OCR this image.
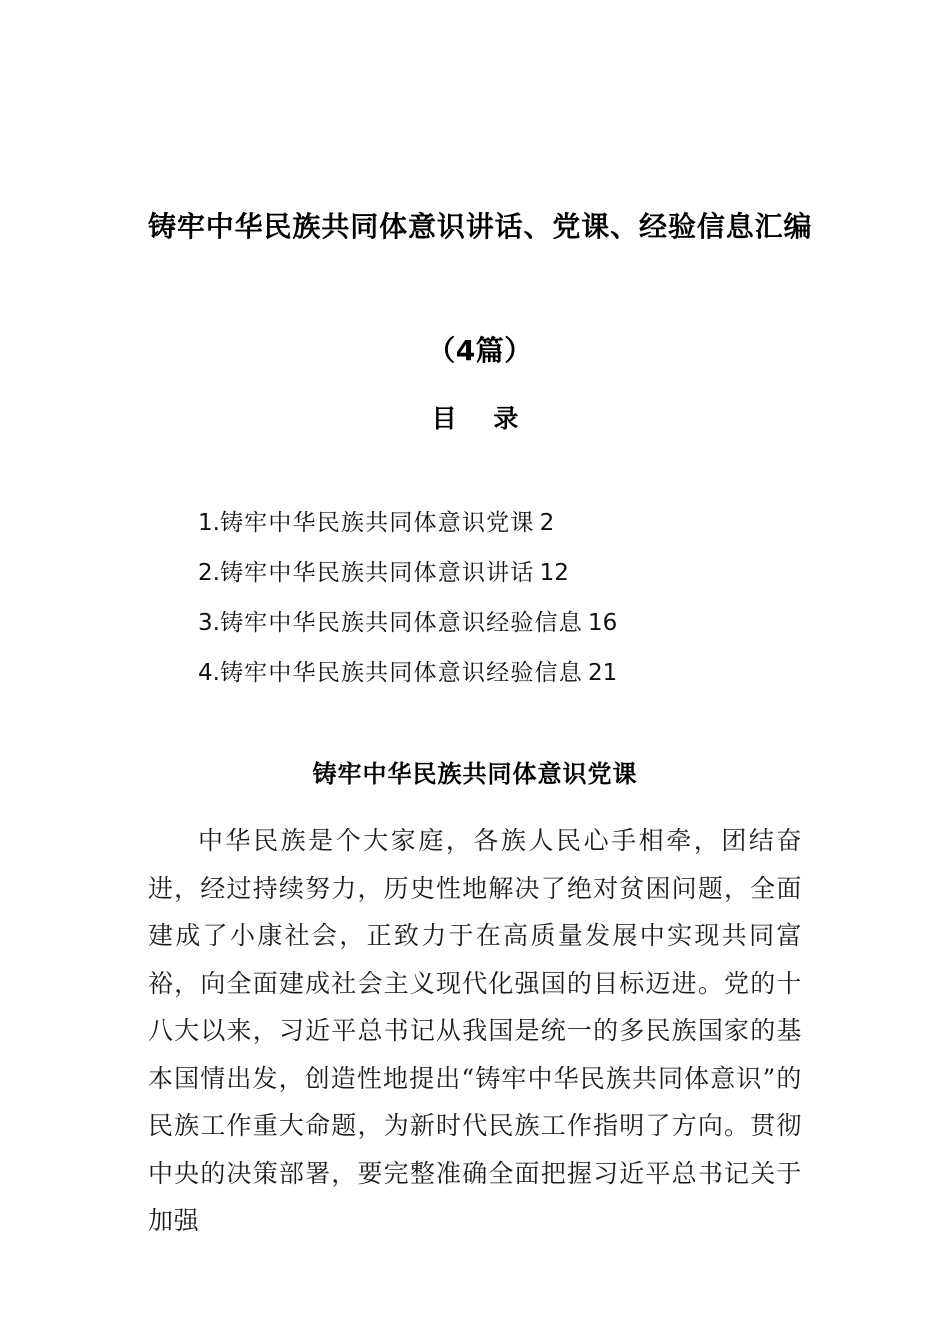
铸牢中华民族共同体意识讲话、党课、经验信息汇编（4篇）
目 录
1.铸牢中华民族共同体意识党课 2
2.铸牢中华民族共同体意识讲话 12
3.铸牢中华民族共同体意识经验信息 16
4.铸牢中华民族共同体意识经验信息 21
铸牢中华民族共同体意识党课

中华民族是个大家庭，各族人民心手相牵，团结奋进，经过持续努力，历史性地解决了绝对贫困问题，全面建成了小康社会，正致力于在高质量发展中实现共同富裕，向全面建成社会主义现代化强国的目标迈进。党的十八大以来，习近平总书记从我国是统一的多民族国家的基本国情出发，创造性地提出“铸牢中华民族共同体意识”的民族工作重大命题，为新时代民族工作指明了方向。贯彻中央的决策部署，要完整准确全面把握习近平总书记关于加强
